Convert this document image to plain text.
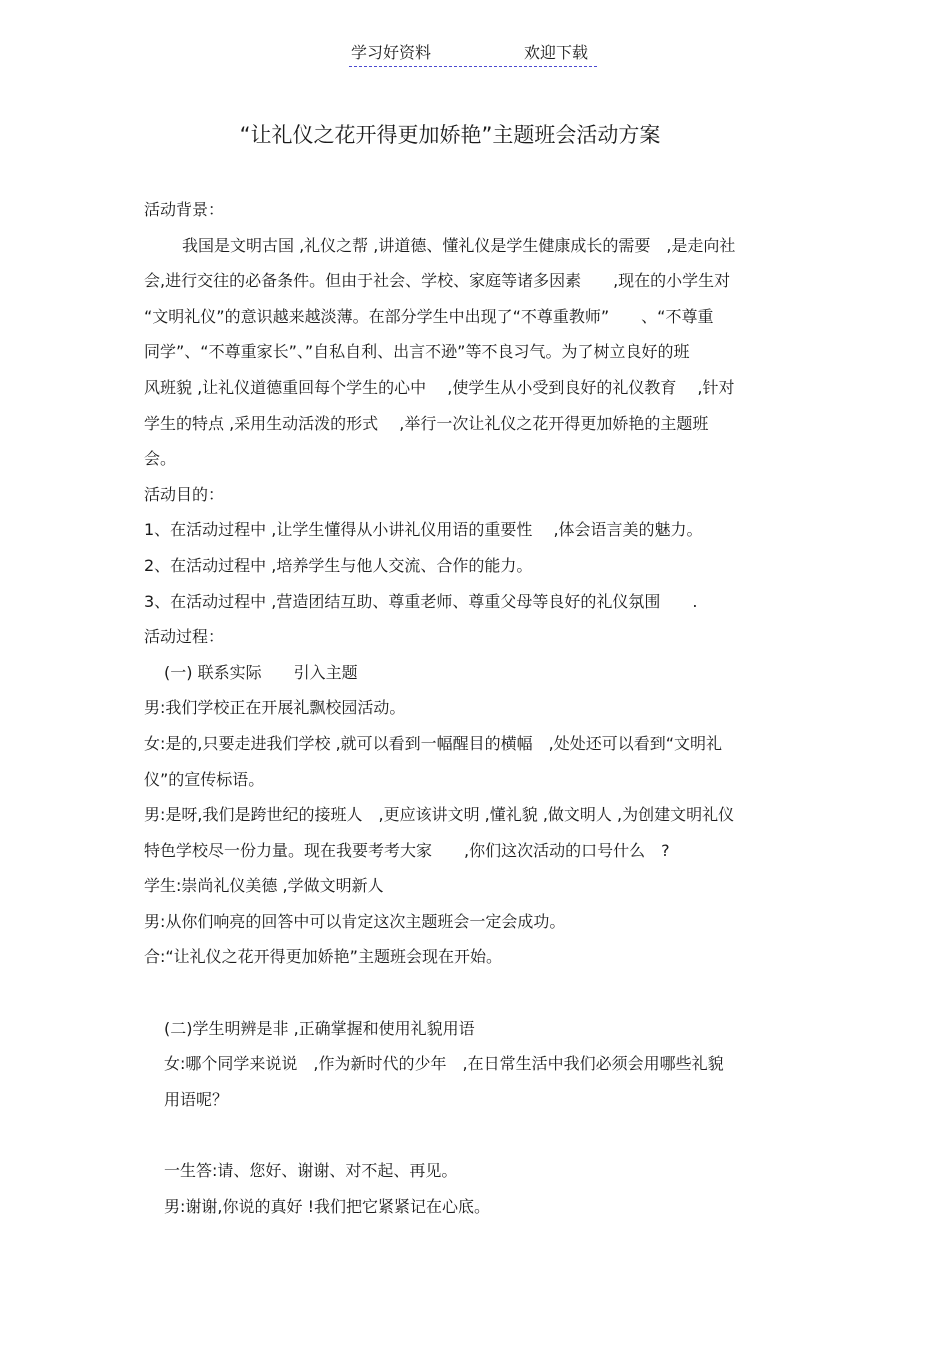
学习好资料	欢迎下载
“让礼仪之花开得更加娇艳”主题班会活动方案
活动背景：
我国是文明古国 ,礼仪之帮 ,讲道德、懂礼仪是学生健康成长的需要　,是走向社
会,进行交往的必备条件。但由于社会、学校、家庭等诸多因素　　,现在的小学生对
“文明礼仪”的意识越来越淡薄。在部分学生中出现了“不尊重教师”　　、“不尊重
同学”、“不尊重家长”、”自私自利、出言不逊”等不良习气。为了树立良好的班
风班貌 ,让礼仪道德重回每个学生的心中　 ,使学生从小受到良好的礼仪教育　 ,针对
学生的特点 ,采用生动活泼的形式　 ,举行一次让礼仪之花开得更加娇艳的主题班
会。
活动目的：
1、在活动过程中 ,让学生懂得从小讲礼仪用语的重要性　 ,体会语言美的魅力。
2、在活动过程中 ,培养学生与他人交流、合作的能力。
3、在活动过程中 ,营造团结互助、尊重老师、尊重父母等良好的礼仪氛围　　.
活动过程：
(一) 联系实际　　引入主题
男:我们学校正在开展礼飘校园活动。
女:是的,只要走进我们学校 ,就可以看到一幅醒目的横幅　,处处还可以看到“文明礼
仪”的宣传标语。
男:是呀,我们是跨世纪的接班人　,更应该讲文明 ,懂礼貌 ,做文明人 ,为创建文明礼仪
特色学校尽一份力量。现在我要考考大家　　,你们这次活动的口号什么　?
学生:崇尚礼仪美德 ,学做文明新人
男:从你们响亮的回答中可以肯定这次主题班会一定会成功。
合:“让礼仪之花开得更加娇艳”主题班会现在开始。
(二)学生明辨是非 ,正确掌握和使用礼貌用语
女:哪个同学来说说　,作为新时代的少年　,在日常生活中我们必须会用哪些礼貌
用语呢？
一生答:请、您好、谢谢、对不起、再见。
男:谢谢,你说的真好 !我们把它紧紧记在心底。
